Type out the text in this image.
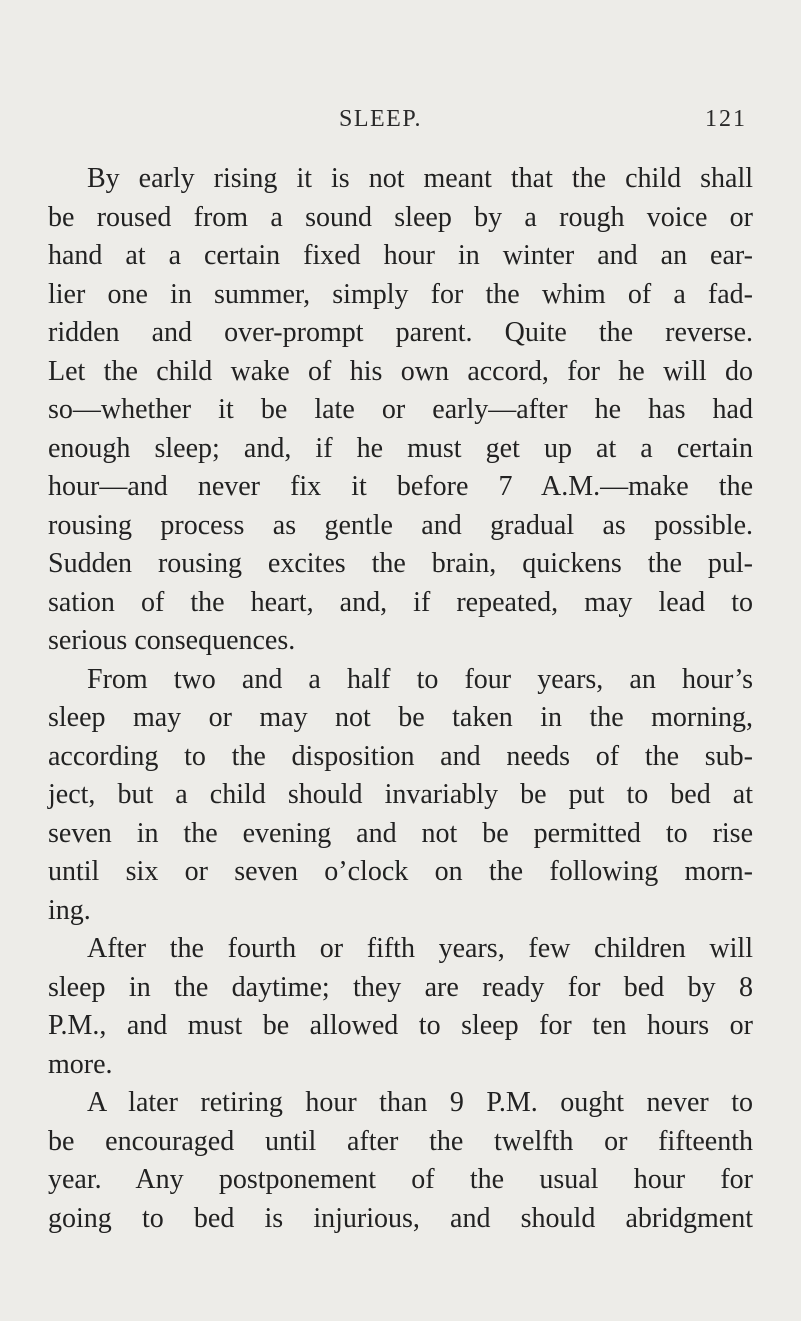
SLEEP.	121
By early rising it is not meant that the child shall
be roused from a sound sleep by a rough voice or
hand at a certain fixed hour in winter and an ear-
lier one in summer, simply for the whim of a fad-
ridden and over-prompt parent. Quite the reverse.
Let the child wake of his own accord, for he will do
so—whether it be late or early—after he has had
enough sleep; and, if he must get up at a certain
hour—and never fix it before 7 A.M.—make the
rousing process as gentle and gradual as possible.
Sudden rousing excites the brain, quickens the pul-
sation of the heart, and, if repeated, may lead to
serious consequences.
From two and a half to four years, an hour’s
sleep may or may not be taken in the morning,
according to the disposition and needs of the sub-
ject, but a child should invariably be put to bed at
seven in the evening and not be permitted to rise
until six or seven o’clock on the following morn-
ing.
After the fourth or fifth years, few children will
sleep in the daytime; they are ready for bed by 8
P.M., and must be allowed to sleep for ten hours or
more.
A later retiring hour than 9 P.M. ought never to
be encouraged until after the twelfth or fifteenth
year. Any postponement of the usual hour for
going to bed is injurious, and should abridgment
